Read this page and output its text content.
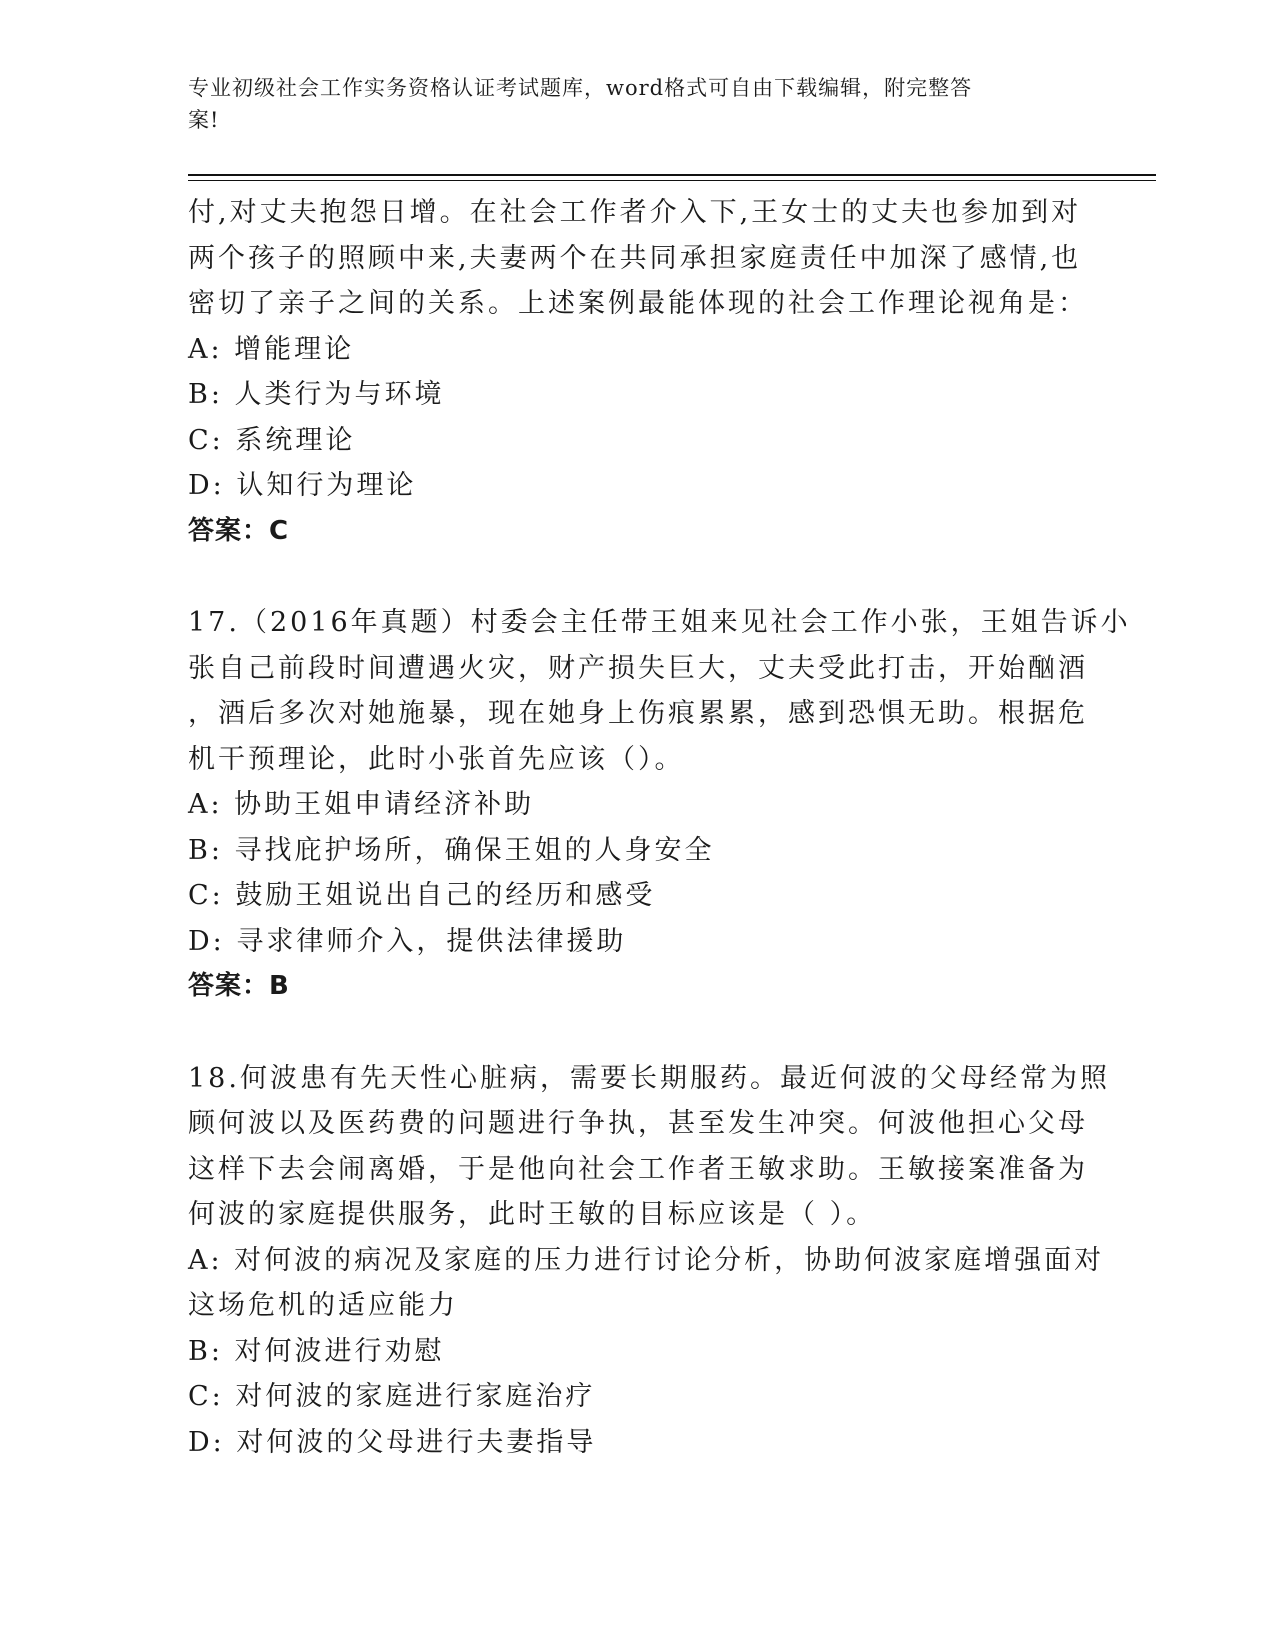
专业初级社会工作实务资格认证考试题库，word格式可自由下载编辑，附完整答
案!
付,对丈夫抱怨日增。在社会工作者介入下,王女士的丈夫也参加到对
两个孩子的照顾中来,夫妻两个在共同承担家庭责任中加深了感情,也
密切了亲子之间的关系。上述案例最能体现的社会工作理论视角是：
A: 增能理论
B: 人类行为与环境
C: 系统理论
D: 认知行为理论
答案：C
17.（2016年真题）村委会主任带王姐来见社会工作小张，王姐告诉小
张自己前段时间遭遇火灾，财产损失巨大，丈夫受此打击，开始酗酒
，酒后多次对她施暴，现在她身上伤痕累累，感到恐惧无助。根据危
机干预理论，此时小张首先应该（）。
A: 协助王姐申请经济补助
B: 寻找庇护场所，确保王姐的人身安全
C: 鼓励王姐说出自己的经历和感受
D: 寻求律师介入，提供法律援助
答案：B
18.何波患有先天性心脏病，需要长期服药。最近何波的父母经常为照
顾何波以及医药费的问题进行争执，甚至发生冲突。何波他担心父母
这样下去会闹离婚，于是他向社会工作者王敏求助。王敏接案准备为
何波的家庭提供服务，此时王敏的目标应该是（ ）。
A: 对何波的病况及家庭的压力进行讨论分析，协助何波家庭增强面对
这场危机的适应能力
B: 对何波进行劝慰
C: 对何波的家庭进行家庭治疗
D: 对何波的父母进行夫妻指导
